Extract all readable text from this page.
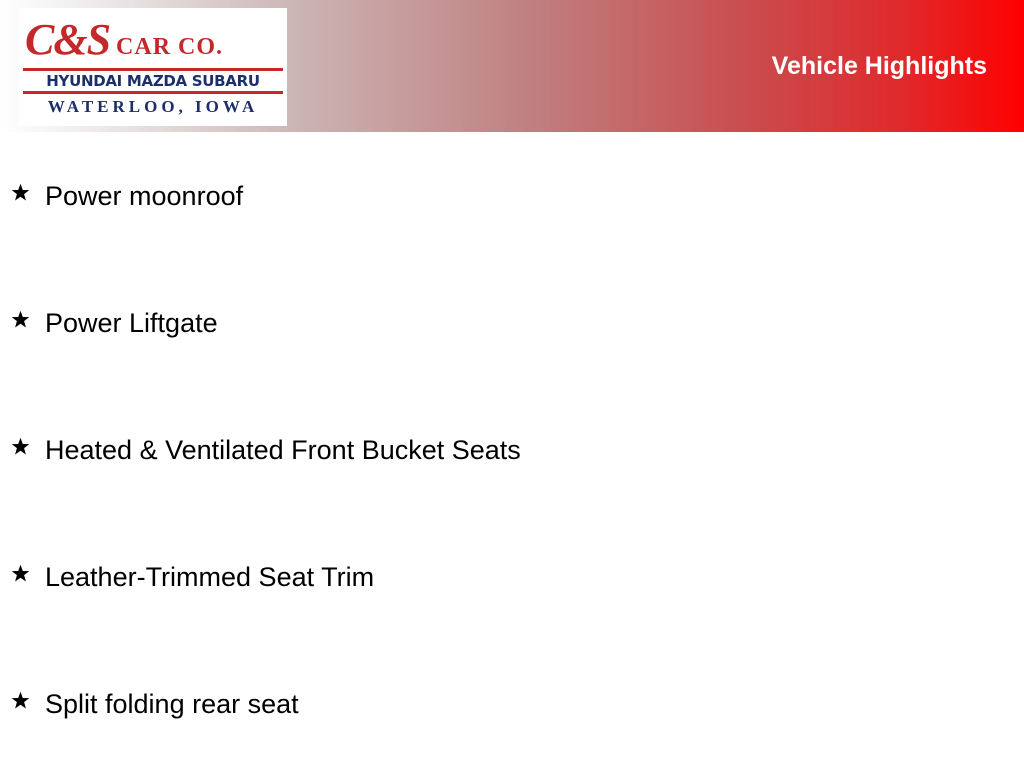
C&S CAR CO.
HYUNDAI MAZDA SUBARU
WATERLOO, IOWA
Vehicle Highlights
Power moonroof
Power Liftgate
Heated & Ventilated Front Bucket Seats
Leather-Trimmed Seat Trim
Split folding rear seat
